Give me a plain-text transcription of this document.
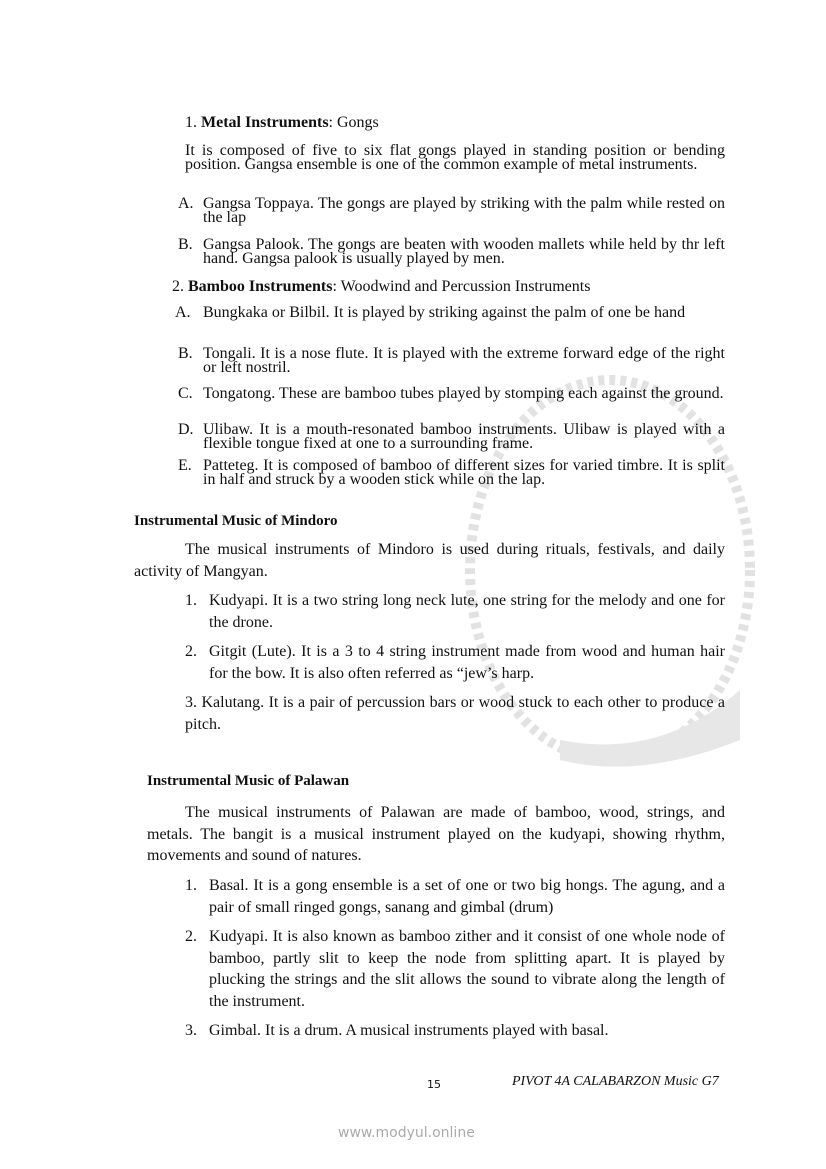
1. Metal Instruments: Gongs
It is composed of five to six flat gongs played in standing position or bending position. Gangsa ensemble is one of the common example of metal instruments.
A. Gangsa Toppaya. The gongs are played by striking with the palm while rested on the lap
B. Gangsa Palook. The gongs are beaten with wooden mallets while held by thr left hand. Gangsa palook is usually played by men.
2. Bamboo Instruments: Woodwind and Percussion Instruments
A. Bungkaka or Bilbil. It is played by striking against the palm of one be hand
B. Tongali. It is a nose flute. It is played with the extreme forward edge of the right or left nostril.
C. Tongatong. These are bamboo tubes played by stomping each against the ground.
D. Ulibaw. It is a mouth-resonated bamboo instruments. Ulibaw is played with a flexible tongue fixed at one to a surrounding frame.
E. Patteteg. It is composed of bamboo of different sizes for varied timbre. It is split in half and struck by a wooden stick while on the lap.
Instrumental Music of Mindoro
The musical instruments of Mindoro is used during rituals, festivals, and daily activity of Mangyan.
1. Kudyapi. It is a two string long neck lute, one string for the melody and one for the drone.
2. Gitgit (Lute). It is a 3 to 4 string instrument made from wood and human hair for the bow. It is also often referred as “jew’s harp.
3. Kalutang. It is a pair of percussion bars or wood stuck to each other to produce a pitch.
Instrumental Music of Palawan
The musical instruments of Palawan are made of bamboo, wood, strings, and metals. The bangit is a musical instrument played on the kudyapi, showing rhythm, movements and sound of natures.
1. Basal. It is a gong ensemble is a set of one or two big hongs. The agung, and a pair of small ringed gongs, sanang and gimbal (drum)
2. Kudyapi. It is also known as bamboo zither and it consist of one whole node of bamboo, partly slit to keep the node from splitting apart. It is played by plucking the strings and the slit allows the sound to vibrate along the length of the instrument.
3. Gimbal. It is a drum. A musical instruments played with basal.
15	PIVOT 4A CALABARZON Music G7
www.modyul.online
